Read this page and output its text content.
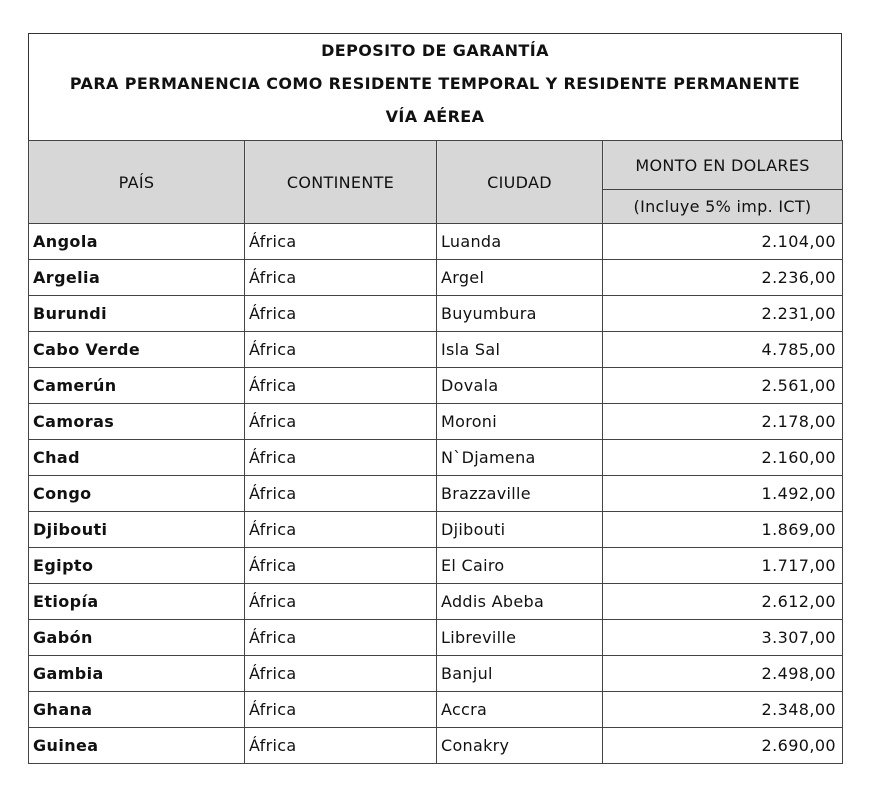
DEPOSITO DE GARANTÍA
PARA PERMANENCIA COMO RESIDENTE TEMPORAL Y RESIDENTE PERMANENTE
VÍA AÉREA
PAÍS	CONTINENTE	CIUDAD	MONTO EN DOLARES
			(Incluye 5% imp. ICT)
Angola	África	Luanda	2.104,00
Argelia	África	Argel	2.236,00
Burundi	África	Buyumbura	2.231,00
Cabo Verde	África	Isla Sal	4.785,00
Camerún	África	Dovala	2.561,00
Camoras	África	Moroni	2.178,00
Chad	África	N`Djamena	2.160,00
Congo	África	Brazzaville	1.492,00
Djibouti	África	Djibouti	1.869,00
Egipto	África	El Cairo	1.717,00
Etiopía	África	Addis Abeba	2.612,00
Gabón	África	Libreville	3.307,00
Gambia	África	Banjul	2.498,00
Ghana	África	Accra	2.348,00
Guinea	África	Conakry	2.690,00
